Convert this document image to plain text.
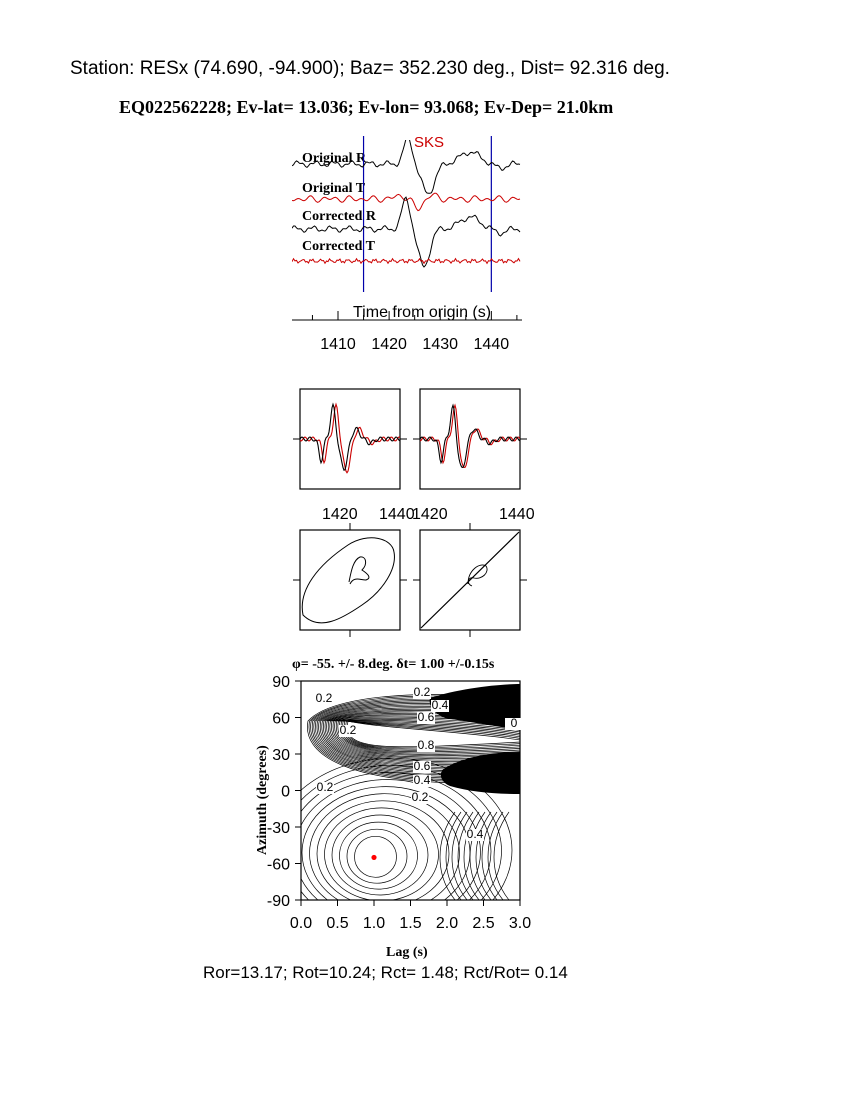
Station: RESx (74.690, -94.900); Baz= 352.230 deg., Dist= 92.316 deg.
EQ022562228; Ev-lat= 13.036; Ev-lon= 93.068; Ev-Dep= 21.0km
Ror=13.17; Rot=10.24; Rct= 1.48; Rct/Rot= 0.14
Original R
Original T
Corrected R
Corrected T
SKS
Time from origin (s)
1410 1420 1430 1440
1420 1440
1420	1440
φ= -55. +/- 8.deg. δt= 1.00 +/-0.15s
0.2
0.4
0.6	0
0.8
0.6
0.4
0.2
0.2
0.2
0.4
0.2
0.0 0.5 1.0 1.5 2.0 2.5 3.0
90
60
30
0
-30
-60
-90
Lag (s)
Azimuth (degrees)
